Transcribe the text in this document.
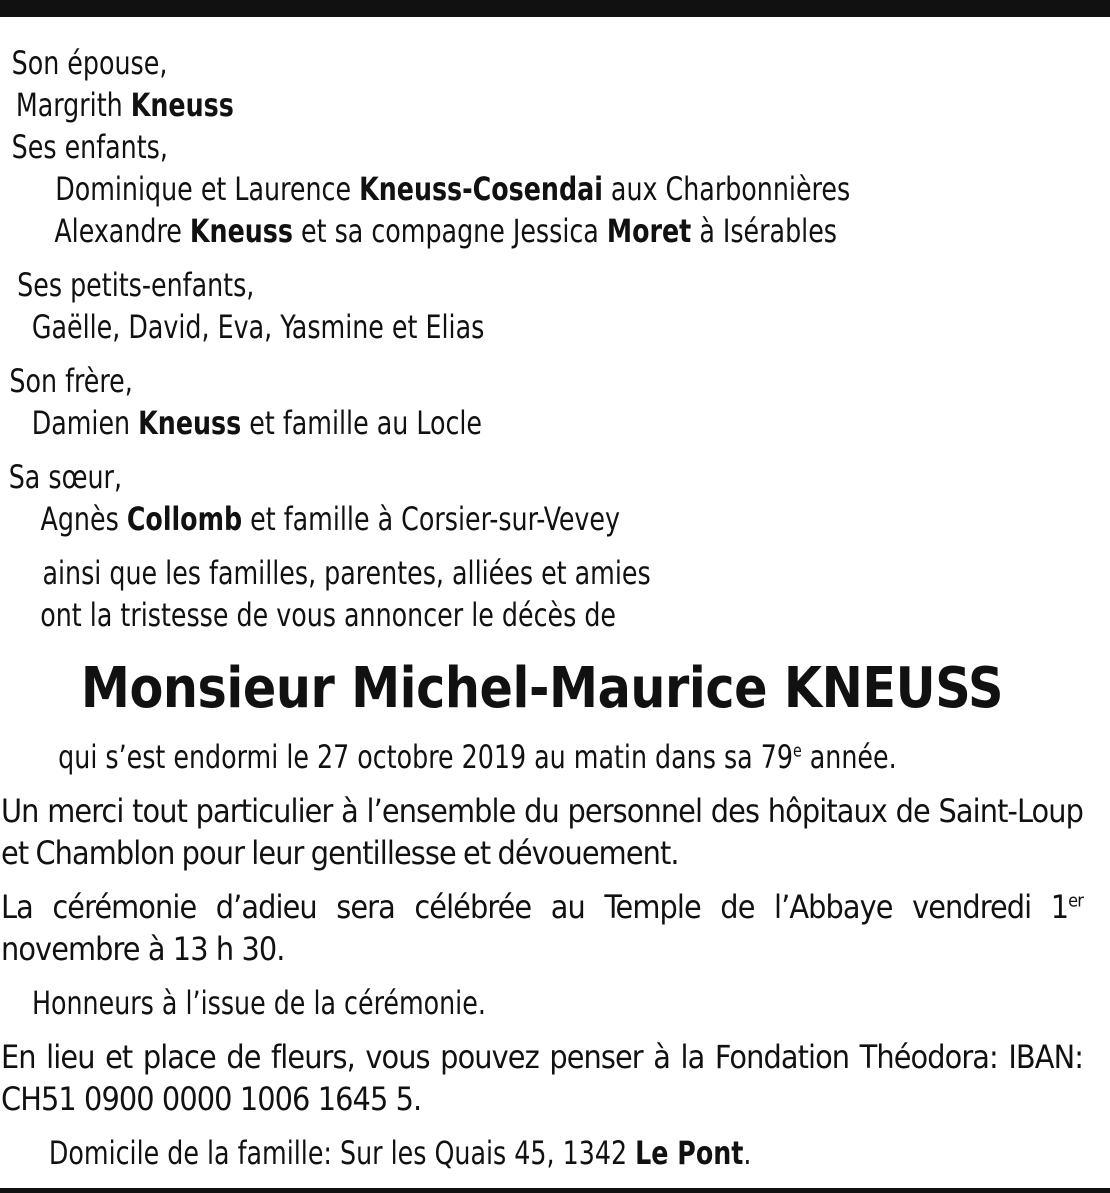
Son épouse,
Margrith Kneuss
Ses enfants,
Dominique et Laurence Kneuss-Cosendai aux Charbonnières
Alexandre Kneuss et sa compagne Jessica Moret à Isérables
Ses petits-enfants,
Gaëlle, David, Eva, Yasmine et Elias
Son frère,
Damien Kneuss et famille au Locle
Sa sœur,
Agnès Collomb et famille à Corsier-sur-Vevey
ainsi que les familles, parentes, alliées et amies
ont la tristesse de vous annoncer le décès de
Monsieur Michel-Maurice KNEUSS
qui s’est endormi le 27 octobre 2019 au matin dans sa 79e année.
Un merci tout particulier à l’ensemble du personnel des hôpitaux de Saint-Loup et Chamblon pour leur gentillesse et dévouement.
La cérémonie d’adieu sera célébrée au Temple de l’Abbaye vendredi 1er novembre à 13 h 30.
Honneurs à l’issue de la cérémonie.
En lieu et place de fleurs, vous pouvez penser à la Fondation Théodora: IBAN: CH51 0900 0000 1006 1645 5.
Domicile de la famille: Sur les Quais 45, 1342 Le Pont.
